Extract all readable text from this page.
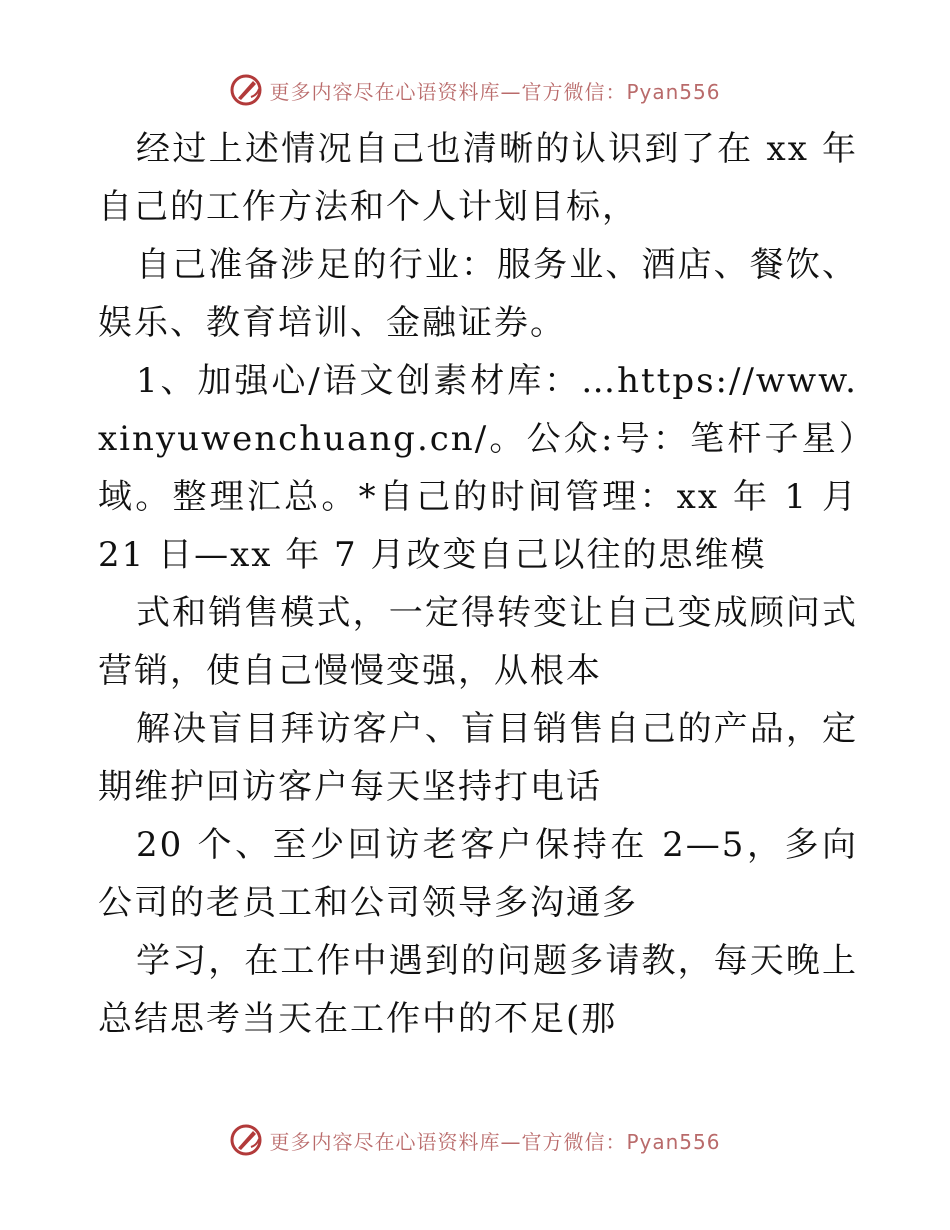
更多内容尽在心语资料库—官方微信：Pyan556

经过上述情况自己也清晰的认识到了在 xx 年自己的工作方法和个人计划目标，

自己准备涉足的行业：服务业、酒店、餐饮、娱乐、教育培训、金融证券。

1、加强心/语文创素材库：…https://www.xinyuwenchuang.cn/。公众:号：笔杆子星）域。整理汇总。*自己的时间管理：xx 年 1 月 21 日—xx 年 7 月改变自己以往的思维模

式和销售模式，一定得转变让自己变成顾问式营销，使自己慢慢变强，从根本

解决盲目拜访客户、盲目销售自己的产品，定期维护回访客户每天坚持打电话

20 个、至少回访老客户保持在 2—5，多向公司的老员工和公司领导多沟通多

学习，在工作中遇到的问题多请教，每天晚上总结思考当天在工作中的不足(那

更多内容尽在心语资料库—官方微信：Pyan556
